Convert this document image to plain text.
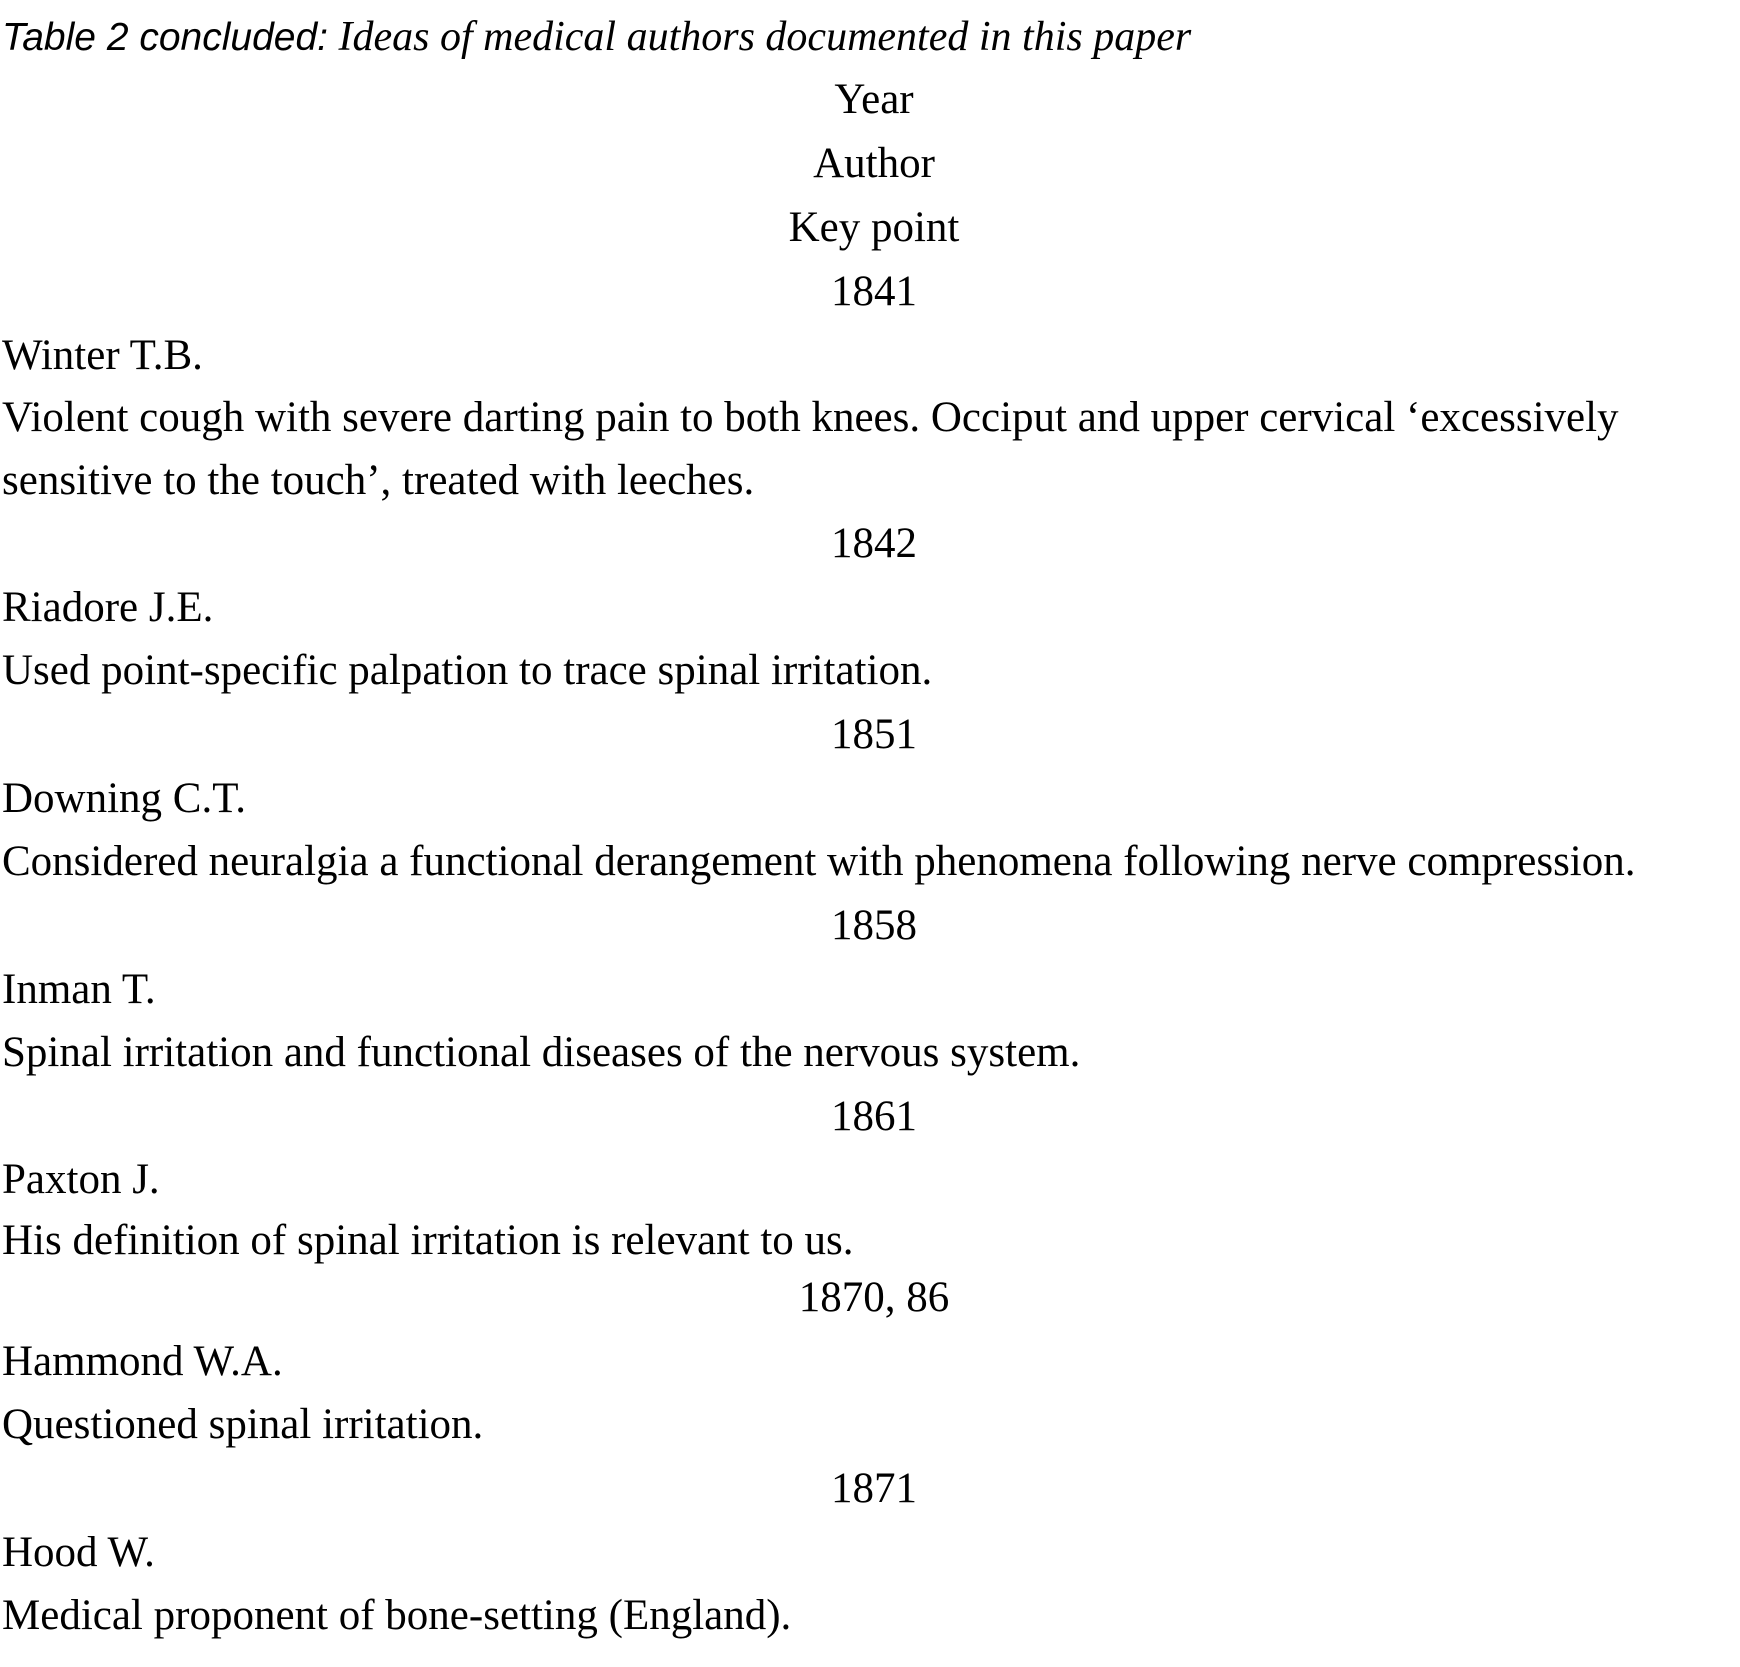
Table 2 concluded: Ideas of medical authors documented in this paper
Year
Author
Key point
1841
Winter T.B.
Violent cough with severe darting pain to both knees. Occiput and upper cervical ‘excessively
sensitive to the touch’, treated with leeches.
1842
Riadore J.E.
Used point-specific palpation to trace spinal irritation.
1851
Downing C.T.
Considered neuralgia a functional derangement with phenomena following nerve compression.
1858
Inman T.
Spinal irritation and functional diseases of the nervous system.
1861
Paxton J.
His definition of spinal irritation is relevant to us.
1870, 86
Hammond W.A.
Questioned spinal irritation.
1871
Hood W.
Medical proponent of bone-setting (England).
